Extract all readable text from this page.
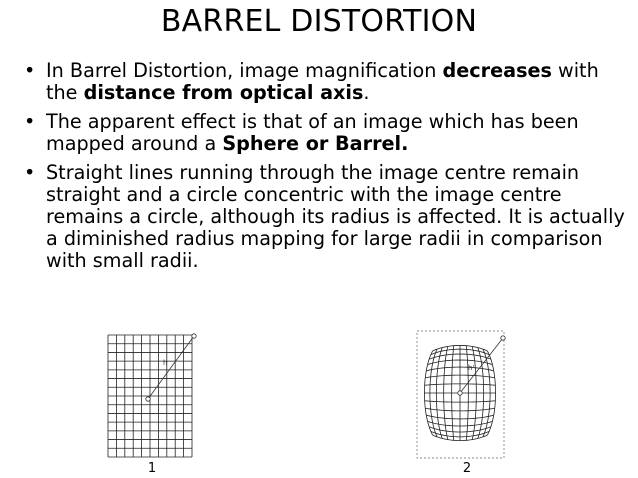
BARREL DISTORTION
• In Barrel Distortion, image magnification decreases with the distance from optical axis.
• The apparent effect is that of an image which has been mapped around a Sphere or Barrel.
• Straight lines running through the image centre remain straight and a circle concentric with the image centre remains a circle, although its radius is affected. It is actually a diminished radius mapping for large radii in comparison with small radii.
h
1
h'
2
